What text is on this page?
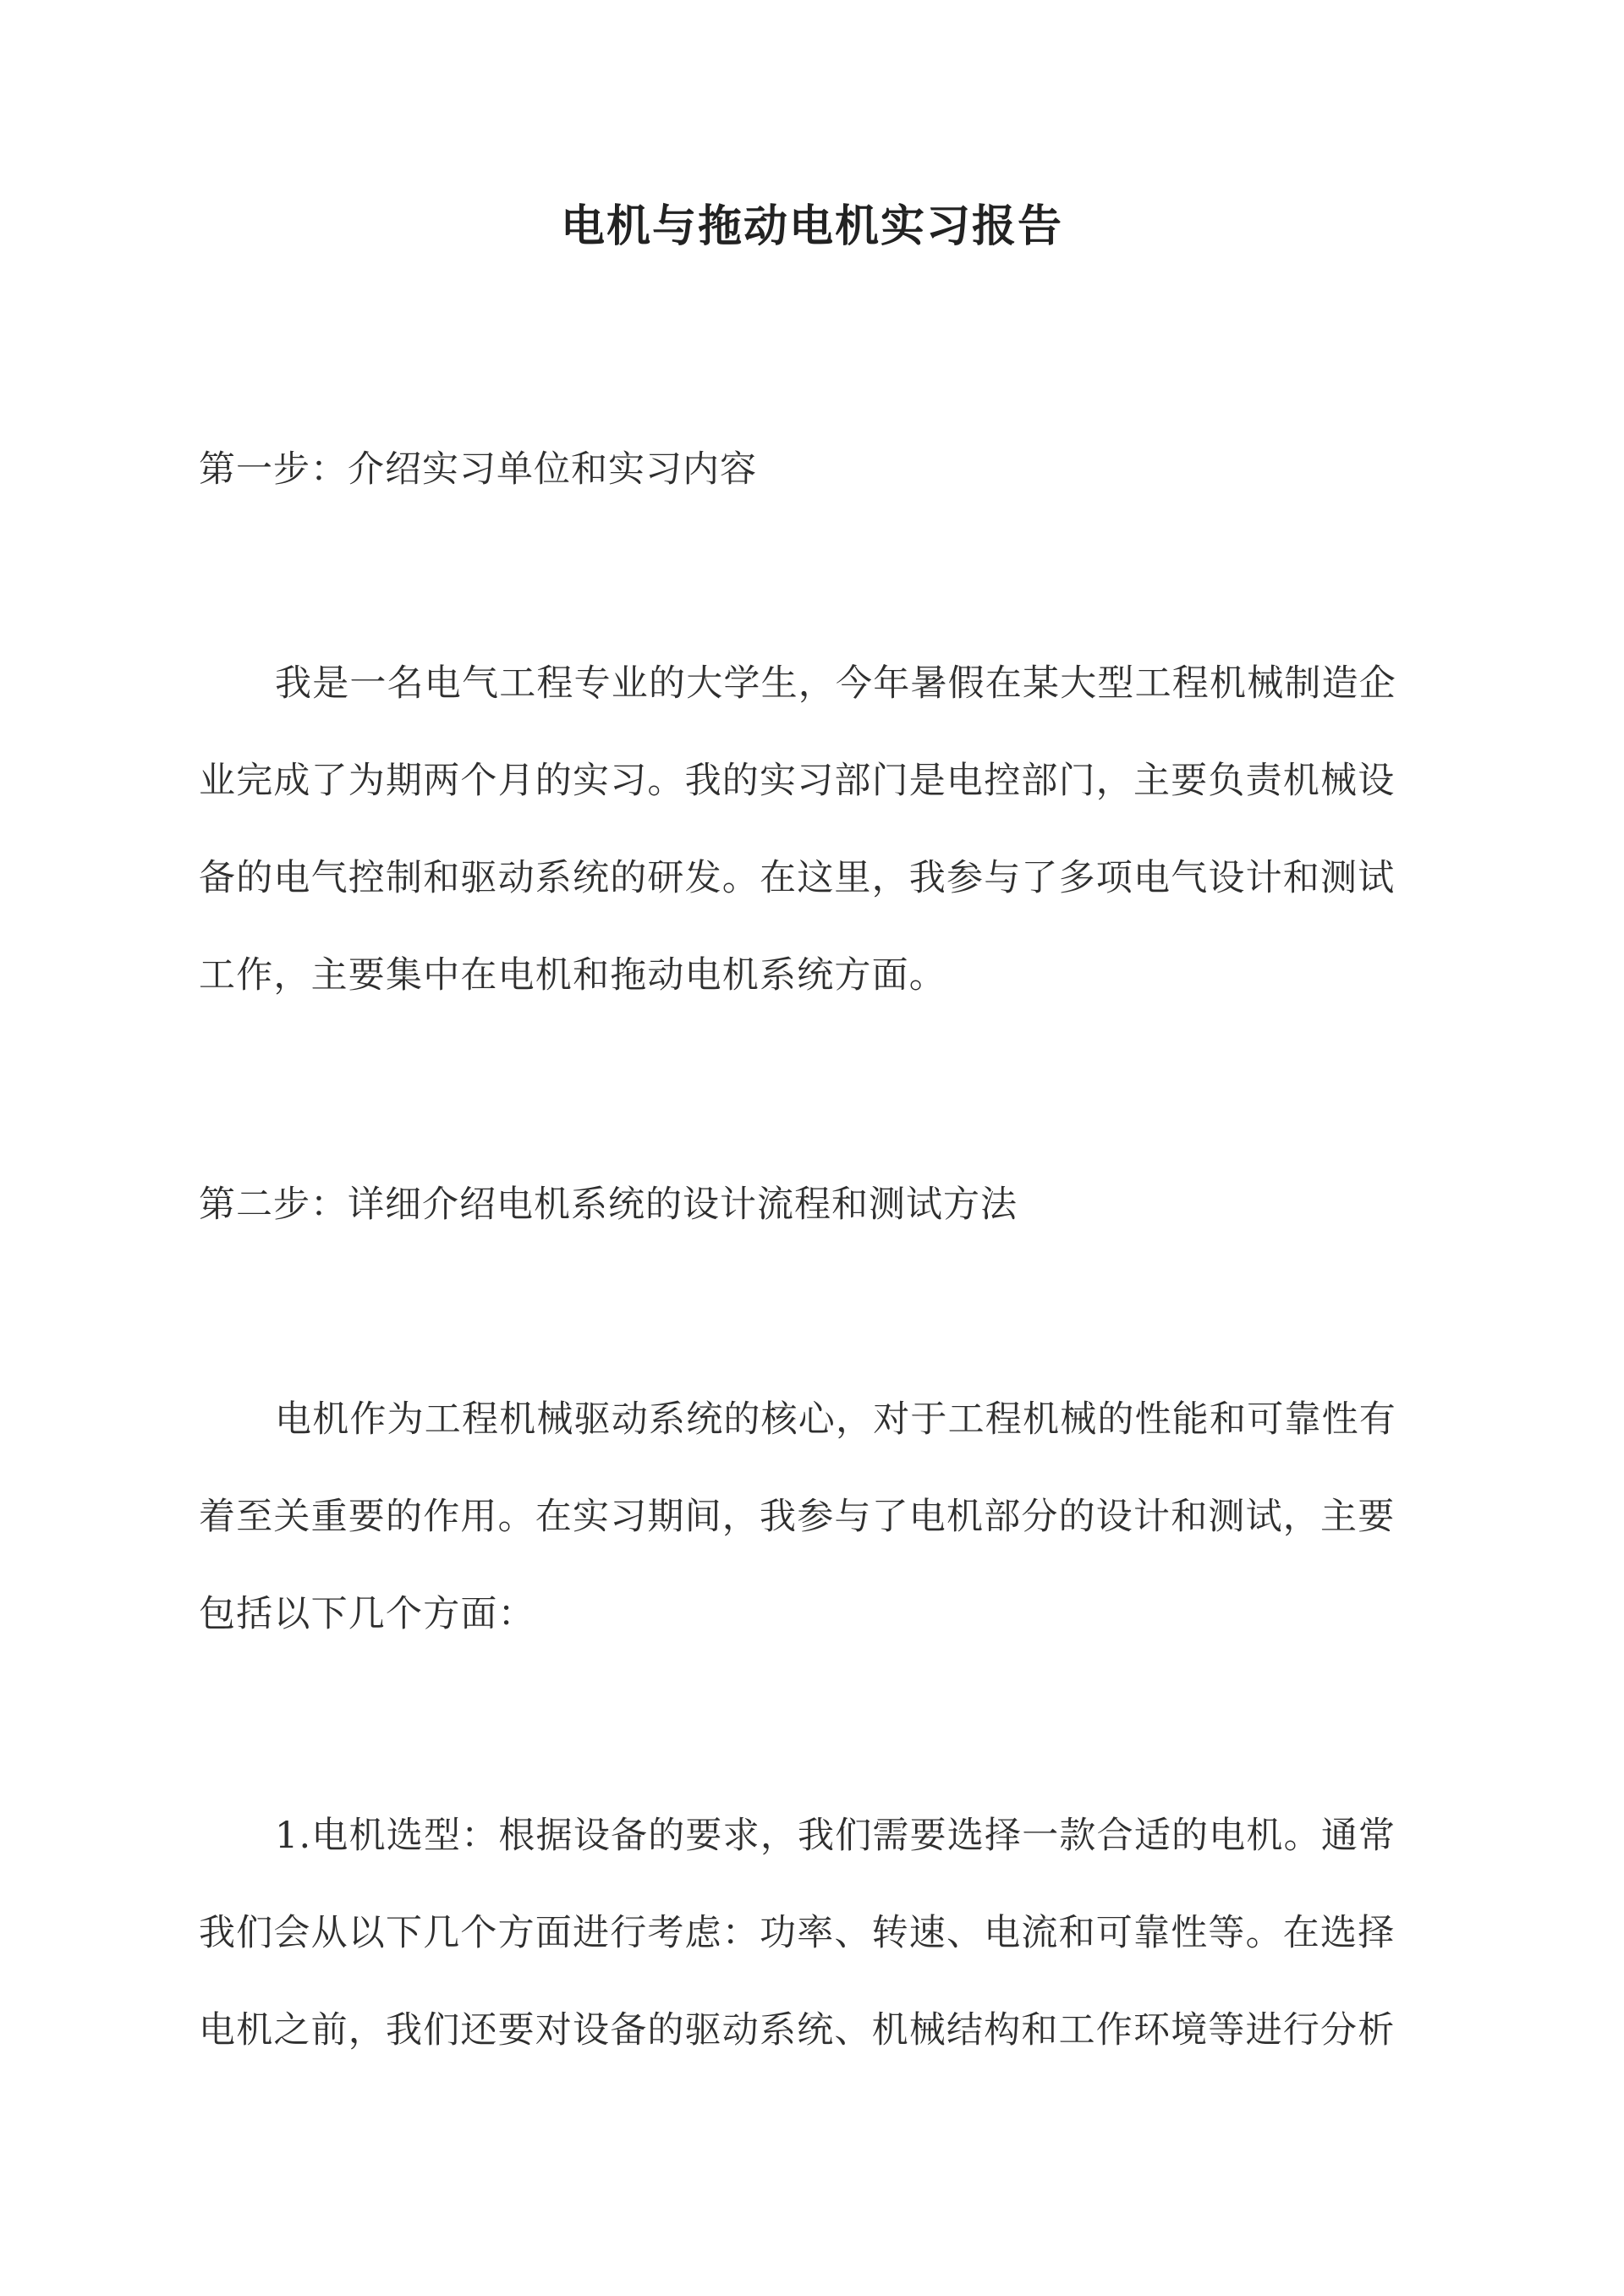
电机与拖动电机实习报告
第一步：介绍实习单位和实习内容
我是一名电气工程专业的大学生，今年暑假在某大型工程机械制造企
业完成了为期两个月的实习。我的实习部门是电控部门，主要负责机械设
备的电气控制和驱动系统的研发。在这里，我参与了多项电气设计和测试
工作，主要集中在电机和拖动电机系统方面。
第二步：详细介绍电机系统的设计流程和测试方法
电机作为工程机械驱动系统的核心，对于工程机械的性能和可靠性有
着至关重要的作用。在实习期间，我参与了电机部分的设计和测试，主要
包括以下几个方面：
1.电机选型：根据设备的要求，我们需要选择一款合适的电机。通常
我们会从以下几个方面进行考虑：功率、转速、电流和可靠性等。在选择
电机之前，我们还要对设备的驱动系统、机械结构和工作环境等进行分析
